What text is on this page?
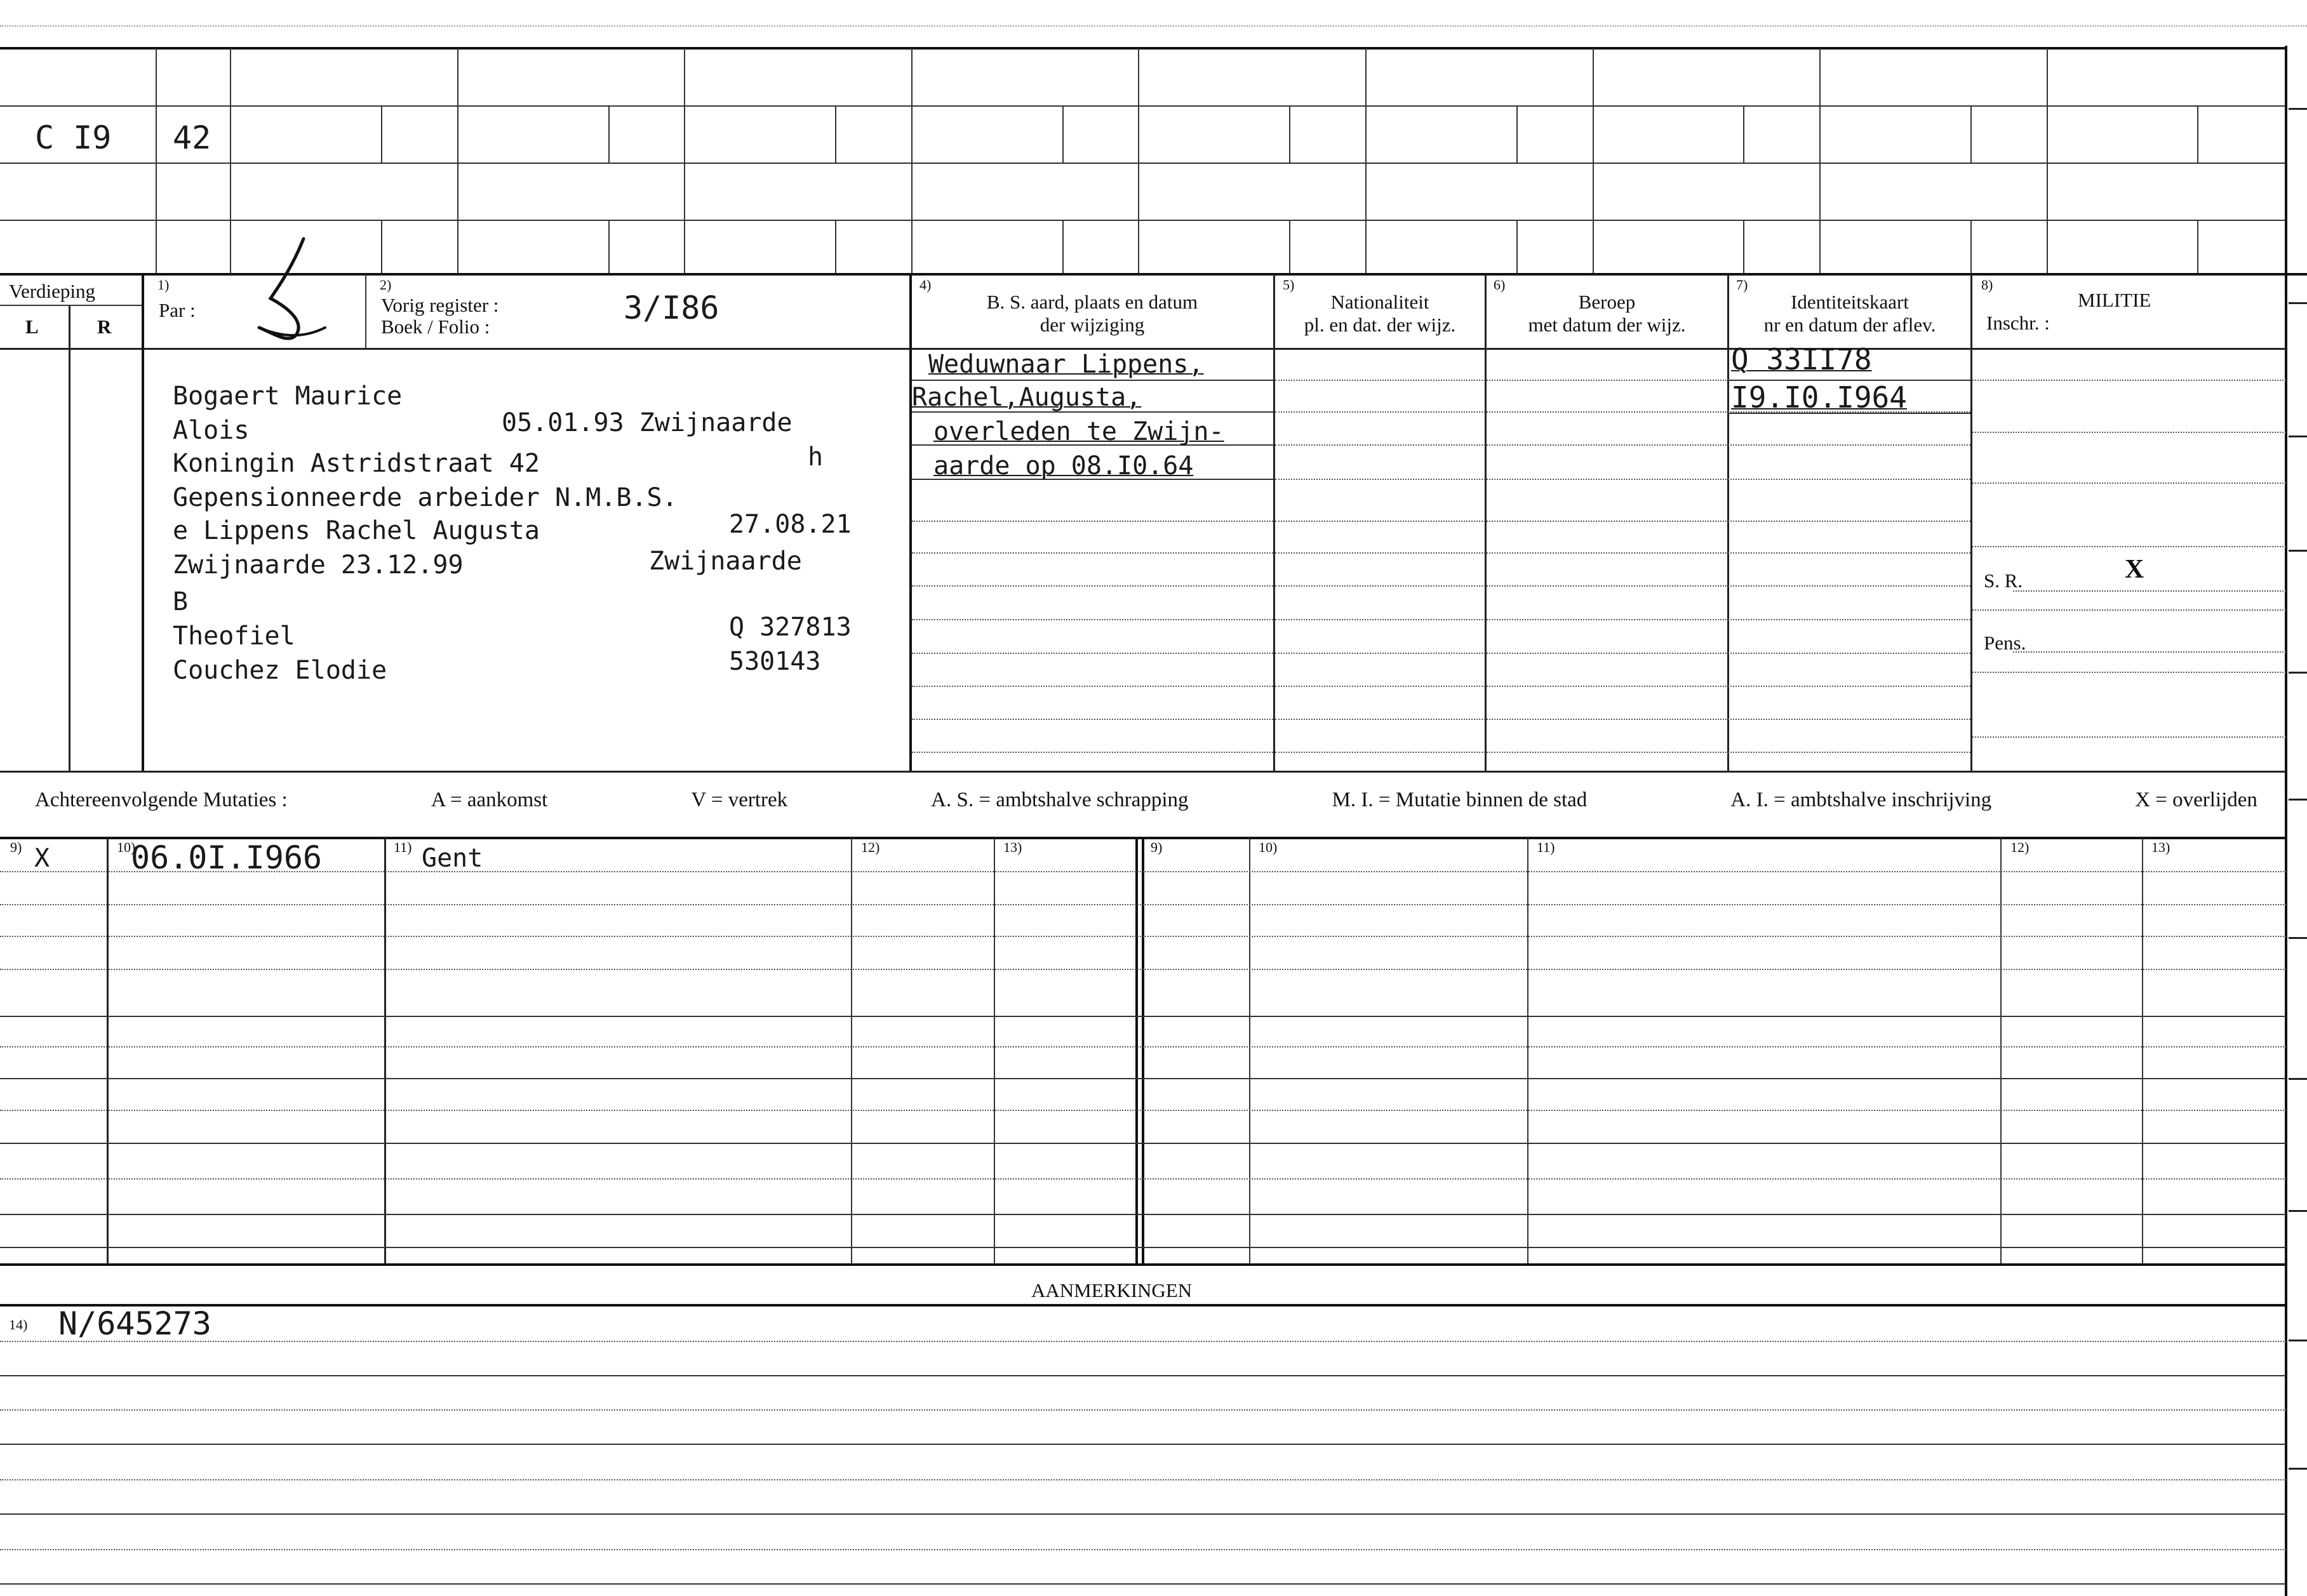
C I9 42
Verdieping
L	R
1)
Par :
2)
Vorig register :
Boek / Folio :
3/I86
4)
B. S. aard, plaats en datum
der wijziging
5)
Nationaliteit
pl. en dat. der wijz.
6)
Beroep
met datum der wijz.
7)
Identiteitskaart
nr en datum der aflev.
8)
MILITIE
Inschr. :
Bogaert Maurice
Alois	05.01.93 Zwijnaarde
Koningin Astridstraat 42	h
Gepensionneerde arbeider N.M.B.S.
e Lippens Rachel Augusta	27.08.21
Zwijnaarde 23.12.99	Zwijnaarde
B
Theofiel	Q 327813
Couchez Elodie	530143
Weduwnaar Lippens,
Rachel,Augusta,
overleden te Zwijn-
aarde op 08.I0.64
Q 33II78
I9.I0.I964
S. R.	X
Pens.
Achtereenvolgende Mutaties :	A = aankomst	V = vertrek	A. S. = ambtshalve schrapping	M. I. = Mutatie binnen de stad	A. I. = ambtshalve inschrijving	X = overlijden
9)	10)	11)	12)	13)	9)	10)	11)	12)	13)
X	06.0I.I966	Gent
AANMERKINGEN
14) N/645273
